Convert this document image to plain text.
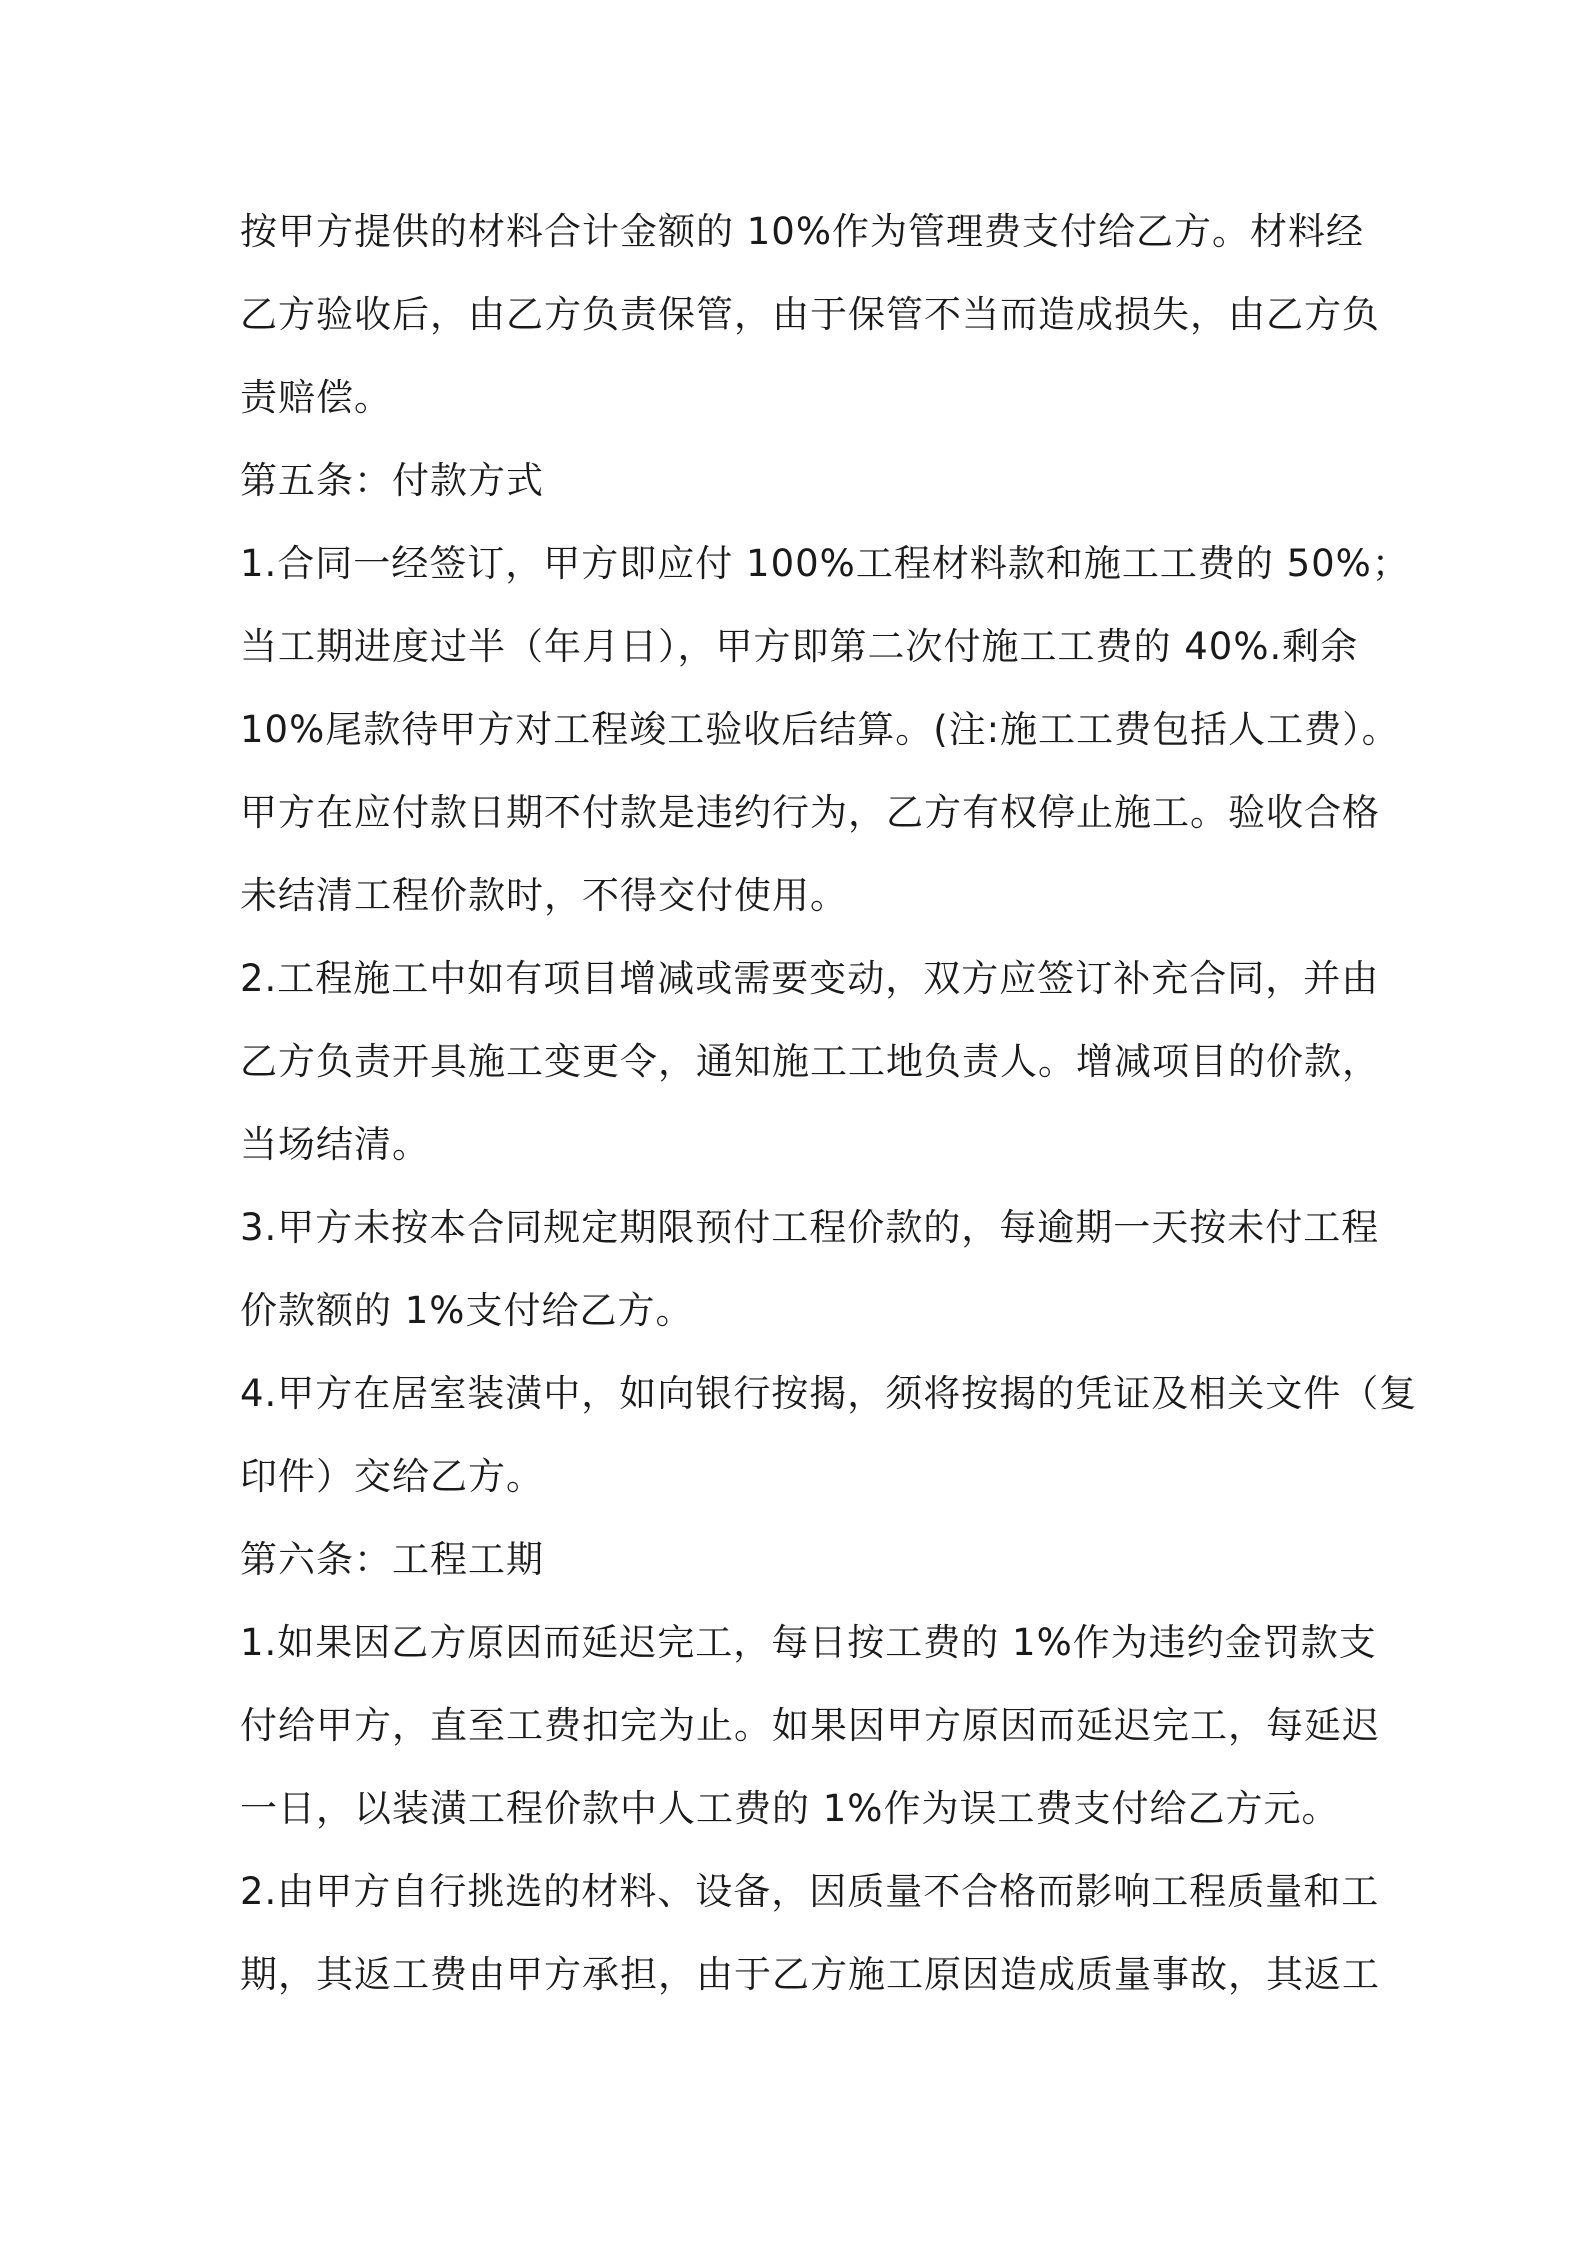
按甲方提供的材料合计金额的 10%作为管理费支付给乙方。材料经
乙方验收后，由乙方负责保管，由于保管不当而造成损失，由乙方负
责赔偿。
第五条：付款方式
1.合同一经签订，甲方即应付 100%工程材料款和施工工费的 50%；
当工期进度过半（年月日），甲方即第二次付施工工费的 40%.剩余
10%尾款待甲方对工程竣工验收后结算。(注:施工工费包括人工费）。
甲方在应付款日期不付款是违约行为，乙方有权停止施工。验收合格
未结清工程价款时，不得交付使用。
2.工程施工中如有项目增减或需要变动，双方应签订补充合同，并由
乙方负责开具施工变更令，通知施工工地负责人。增减项目的价款，
当场结清。
3.甲方未按本合同规定期限预付工程价款的，每逾期一天按未付工程
价款额的 1%支付给乙方。
4.甲方在居室装潢中，如向银行按揭，须将按揭的凭证及相关文件（复
印件）交给乙方。
第六条：工程工期
1.如果因乙方原因而延迟完工，每日按工费的 1%作为违约金罚款支
付给甲方，直至工费扣完为止。如果因甲方原因而延迟完工，每延迟
一日，以装潢工程价款中人工费的 1%作为误工费支付给乙方元。
2.由甲方自行挑选的材料、设备，因质量不合格而影响工程质量和工
期，其返工费由甲方承担，由于乙方施工原因造成质量事故，其返工
